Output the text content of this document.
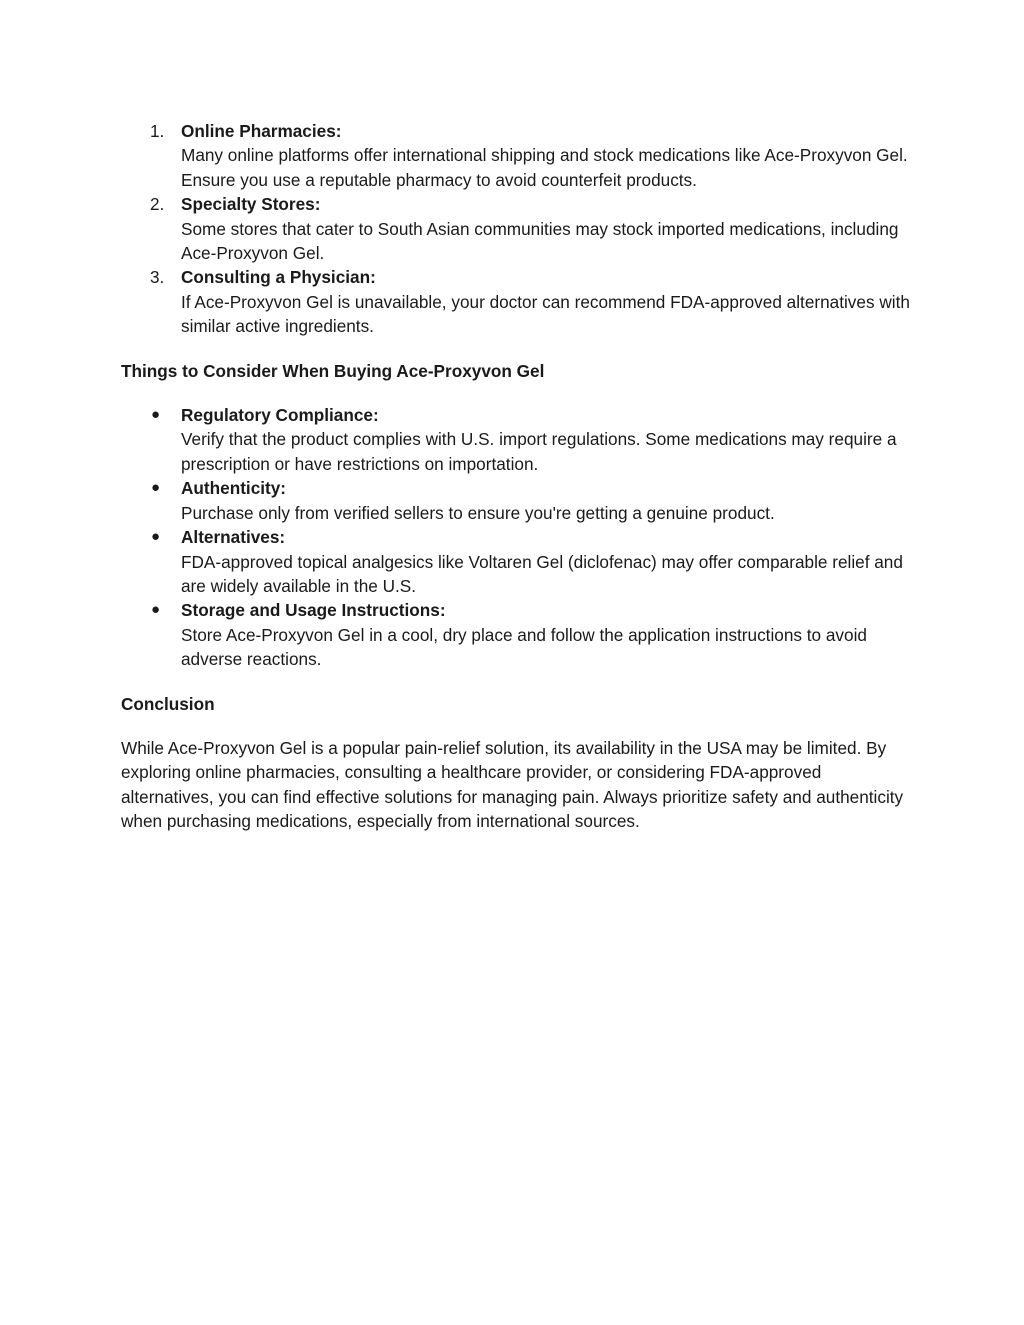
1. Online Pharmacies:
Many online platforms offer international shipping and stock medications like Ace-Proxyvon Gel. Ensure you use a reputable pharmacy to avoid counterfeit products.
2. Specialty Stores:
Some stores that cater to South Asian communities may stock imported medications, including Ace-Proxyvon Gel.
3. Consulting a Physician:
If Ace-Proxyvon Gel is unavailable, your doctor can recommend FDA-approved alternatives with similar active ingredients.
Things to Consider When Buying Ace-Proxyvon Gel
●	Regulatory Compliance:
Verify that the product complies with U.S. import regulations. Some medications may require a prescription or have restrictions on importation.
●	Authenticity:
Purchase only from verified sellers to ensure you're getting a genuine product.
●	Alternatives:
FDA-approved topical analgesics like Voltaren Gel (diclofenac) may offer comparable relief and are widely available in the U.S.
●	Storage and Usage Instructions:
Store Ace-Proxyvon Gel in a cool, dry place and follow the application instructions to avoid adverse reactions.
Conclusion

While Ace-Proxyvon Gel is a popular pain-relief solution, its availability in the USA may be limited. By exploring online pharmacies, consulting a healthcare provider, or considering FDA-approved alternatives, you can find effective solutions for managing pain. Always prioritize safety and authenticity when purchasing medications, especially from international sources.
